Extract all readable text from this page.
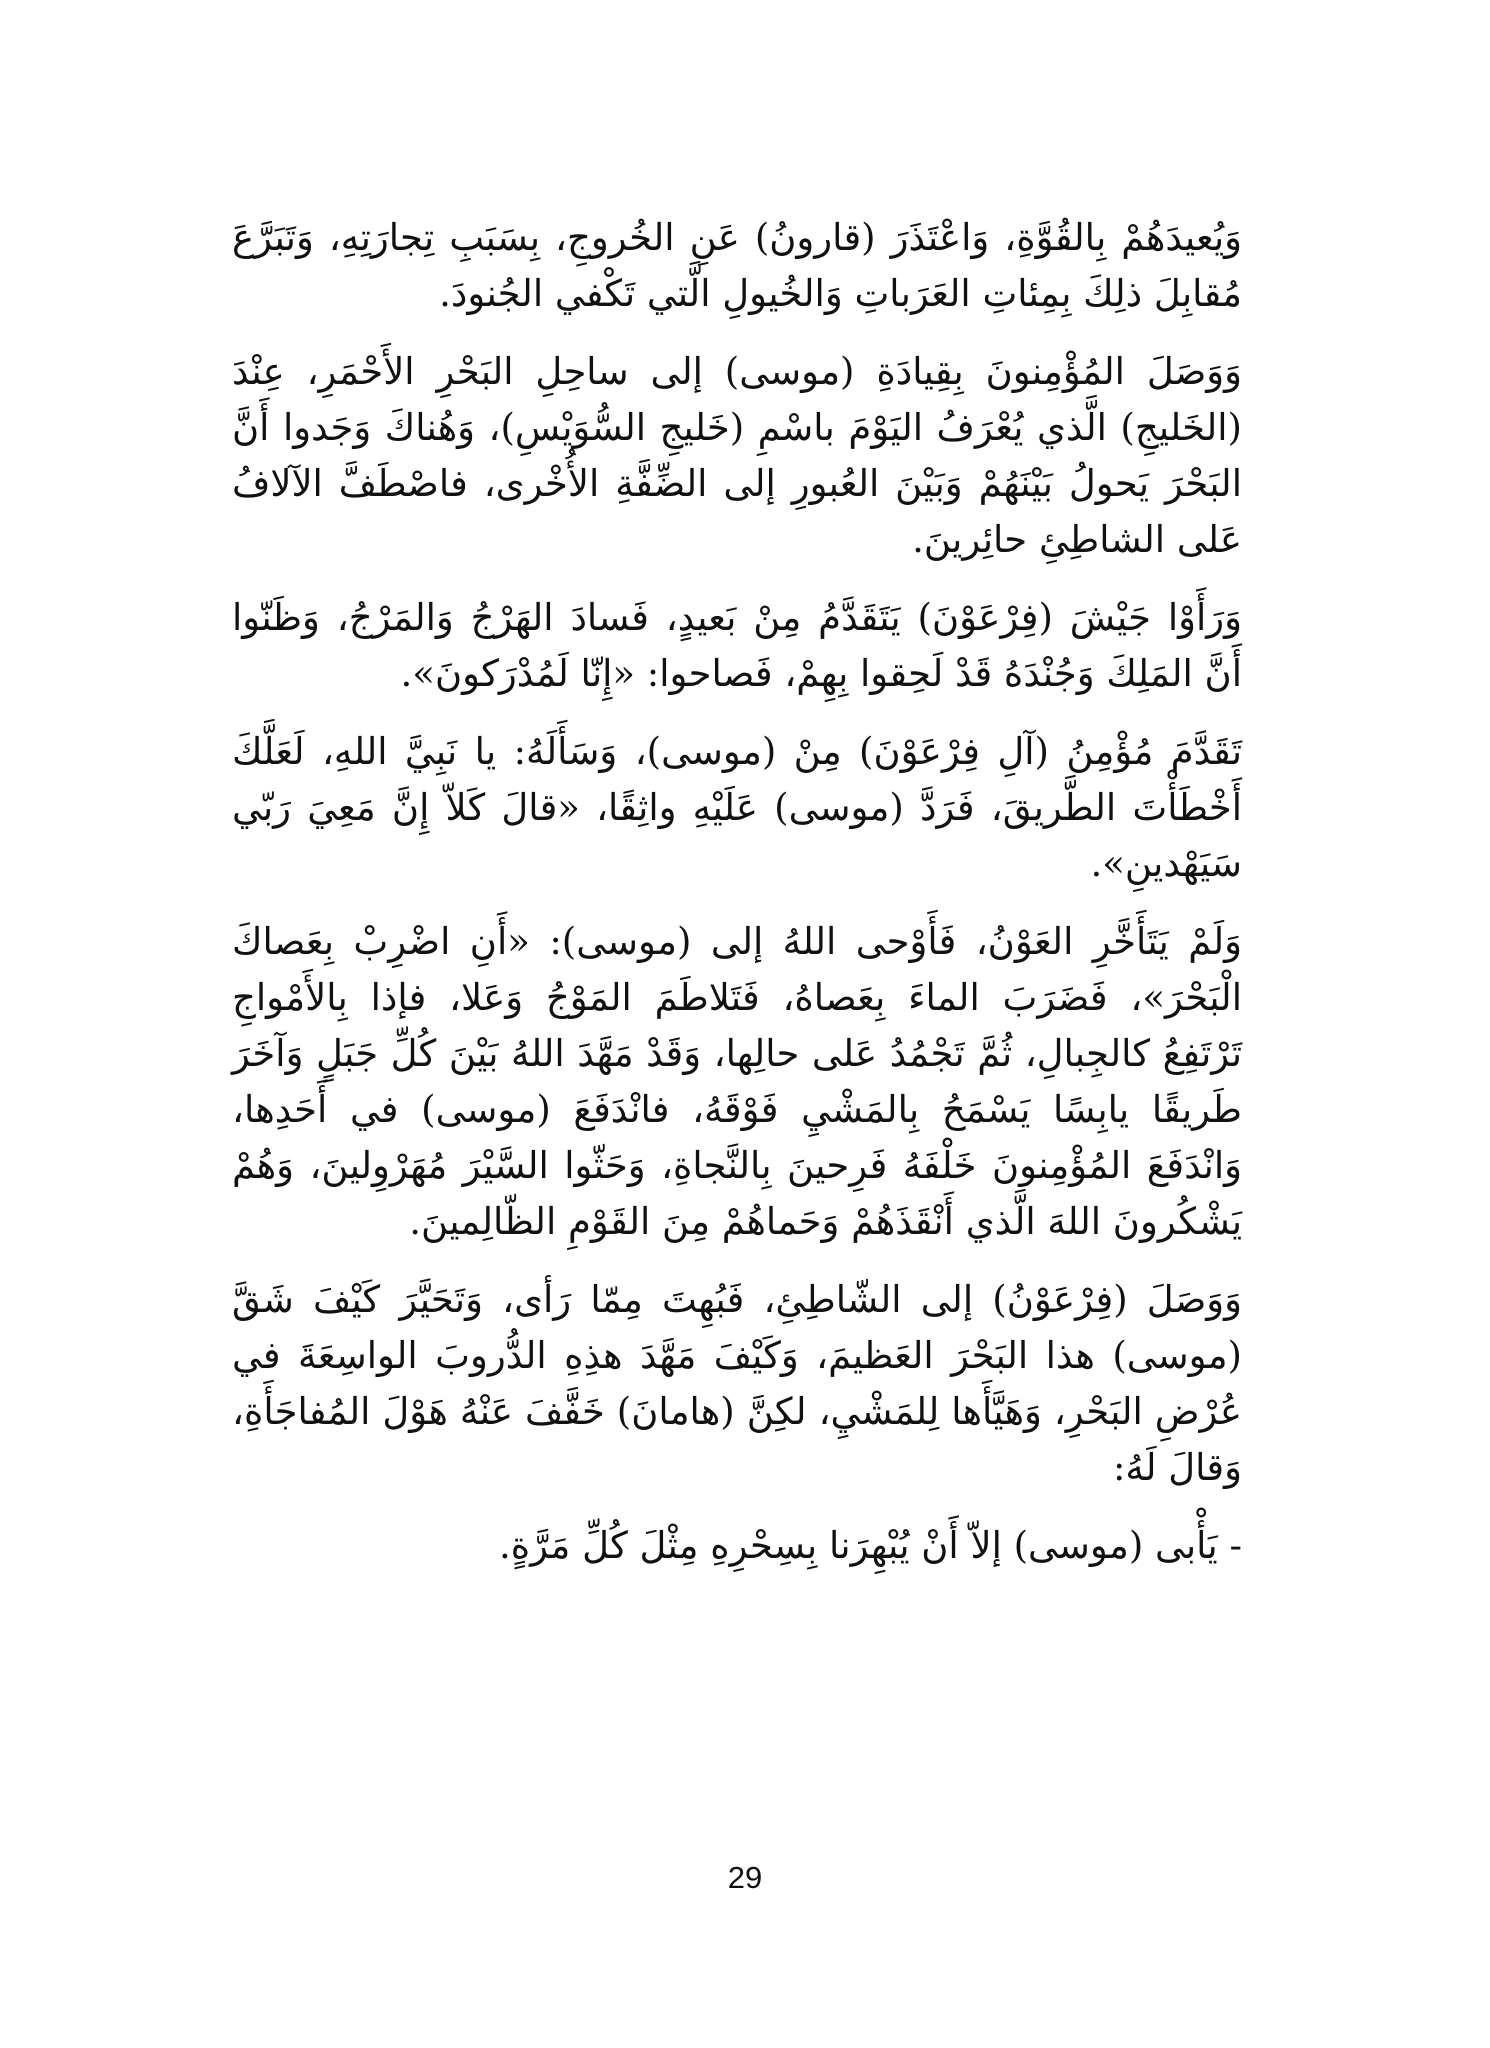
وَيُعيدَهُمْ بِالقُوَّةِ، وَاعْتَذَرَ (قارونُ) عَنِ الخُروجِ، بِسَبَبِ تِجارَتِهِ، وَتَبَرَّعَ مُقابِلَ ذلِكَ بِمِئاتِ العَرَباتِ وَالخُيولِ الَّتي تَكْفي الجُنودَ.

وَوَصَلَ المُؤْمِنونَ بِقِيادَةِ (موسى) إلى ساحِلِ البَحْرِ الأَحْمَرِ، عِنْدَ (الخَليجِ) الَّذي يُعْرَفُ اليَوْمَ باسْمِ (خَليجِ السُّوَيْسِ)، وَهُناكَ وَجَدوا أَنَّ البَحْرَ يَحولُ بَيْنَهُمْ وَبَيْنَ العُبورِ إلى الضِّفَّةِ الأُخْرى، فاصْطَفَّ الآلافُ عَلى الشاطِئِ حائِرينَ.

وَرَأَوْا جَيْشَ (فِرْعَوْنَ) يَتَقَدَّمُ مِنْ بَعيدٍ، فَسادَ الهَرْجُ وَالمَرْجُ، وَظَنّوا أَنَّ المَلِكَ وَجُنْدَهُ قَدْ لَحِقوا بِهِمْ، فَصاحوا: «إِنّا لَمُدْرَكونَ».

تَقَدَّمَ مُؤْمِنُ (آلِ فِرْعَوْنَ) مِنْ (موسى)، وَسَأَلَهُ: يا نَبِيَّ اللهِ، لَعَلَّكَ أَخْطَأْتَ الطَّريقَ، فَرَدَّ (موسى) عَلَيْهِ واثِقًا، «قالَ كَلاّ إِنَّ مَعِيَ رَبّي سَيَهْدينِ».

وَلَمْ يَتَأَخَّرِ العَوْنُ، فَأَوْحى اللهُ إلى (موسى): «أَنِ اضْرِبْ بِعَصاكَ الْبَحْرَ»، فَضَرَبَ الماءَ بِعَصاهُ، فَتَلاطَمَ المَوْجُ وَعَلا، فإذا بِالأَمْواجِ تَرْتَفِعُ كالجِبالِ، ثُمَّ تَجْمُدُ عَلى حالِها، وَقَدْ مَهَّدَ اللهُ بَيْنَ كُلِّ جَبَلٍ وَآخَرَ طَريقًا يابِسًا يَسْمَحُ بِالمَشْيِ فَوْقَهُ، فانْدَفَعَ (موسى) في أَحَدِها، وَانْدَفَعَ المُؤْمِنونَ خَلْفَهُ فَرِحينَ بِالنَّجاةِ، وَحَثّوا السَّيْرَ مُهَرْوِلينَ، وَهُمْ يَشْكُرونَ اللهَ الَّذي أَنْقَذَهُمْ وَحَماهُمْ مِنَ القَوْمِ الظّالِمينَ.

وَوَصَلَ (فِرْعَوْنُ) إلى الشّاطِئِ، فَبُهِتَ مِمّا رَأى، وَتَحَيَّرَ كَيْفَ شَقَّ (موسى) هذا البَحْرَ العَظيمَ، وَكَيْفَ مَهَّدَ هذِهِ الدُّروبَ الواسِعَةَ في عُرْضِ البَحْرِ، وَهَيَّأَها لِلمَشْيِ، لكِنَّ (هامانَ) خَفَّفَ عَنْهُ هَوْلَ المُفاجَأَةِ، وَقالَ لَهُ:

- يَأْبى (موسى) إلاّ أَنْ يُبْهِرَنا بِسِحْرِهِ مِثْلَ كُلِّ مَرَّةٍ.

29
